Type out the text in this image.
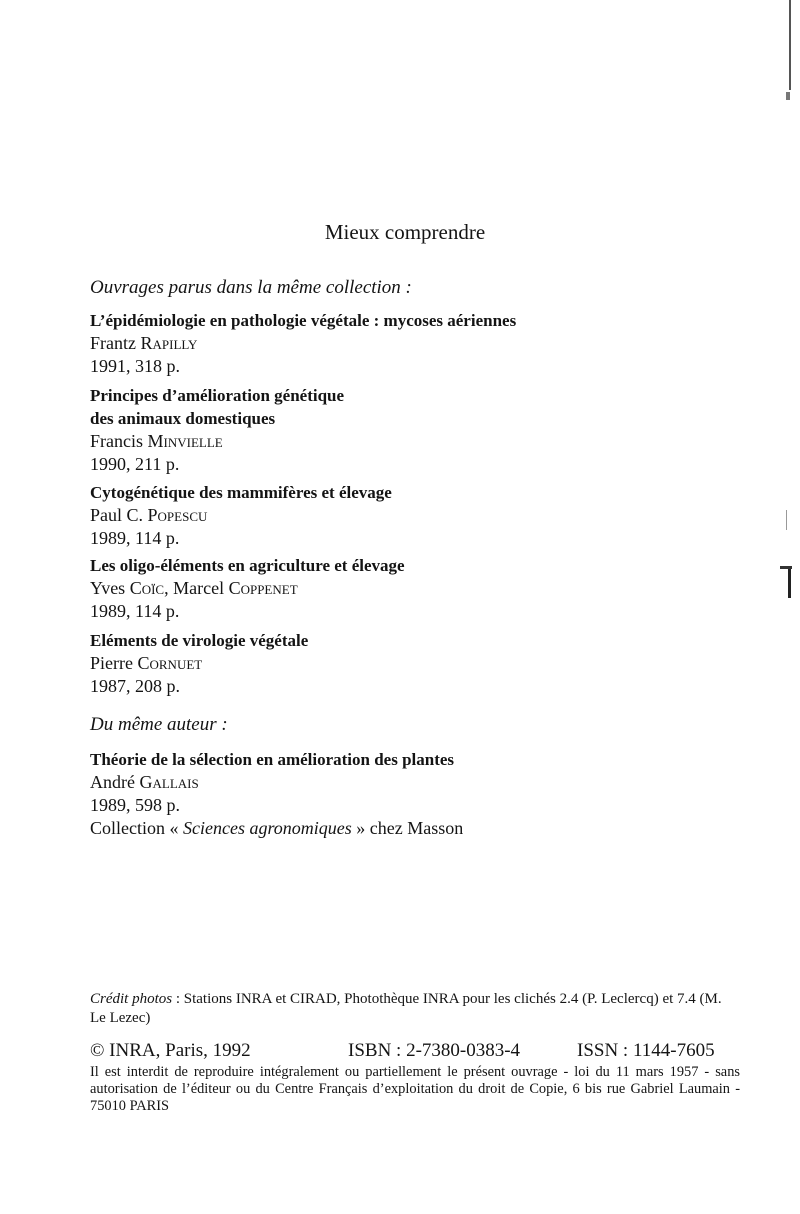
Mieux comprendre

Ouvrages parus dans la même collection :

L’épidémiologie en pathologie végétale : mycoses aériennes
Frantz Rapilly
1991, 318 p.
Principes d’amélioration génétique
des animaux domestiques
Francis Minvielle
1990, 211 p.
Cytogénétique des mammifères et élevage
Paul C. Popescu
1989, 114 p.
Les oligo-éléments en agriculture et élevage
Yves Coïc, Marcel Coppenet
1989, 114 p.
Eléments de virologie végétale
Pierre Cornuet
1987, 208 p.

Du même auteur :

Théorie de la sélection en amélioration des plantes
André Gallais
1989, 598 p.
Collection « Sciences agronomiques » chez Masson
Crédit photos : Stations INRA et CIRAD, Photothèque INRA pour les clichés 2.4 (P. Leclercq) et 7.4 (M. Le Lezec)
© INRA, Paris, 1992	ISBN : 2-7380-0383-4	ISSN : 1144-7605
Il est interdit de reproduire intégralement ou partiellement le présent ouvrage - loi du 11 mars 1957 - sans autorisation de l’éditeur ou du Centre Français d’exploitation du droit de Copie, 6 bis rue Gabriel Laumain - 75010 PARIS
